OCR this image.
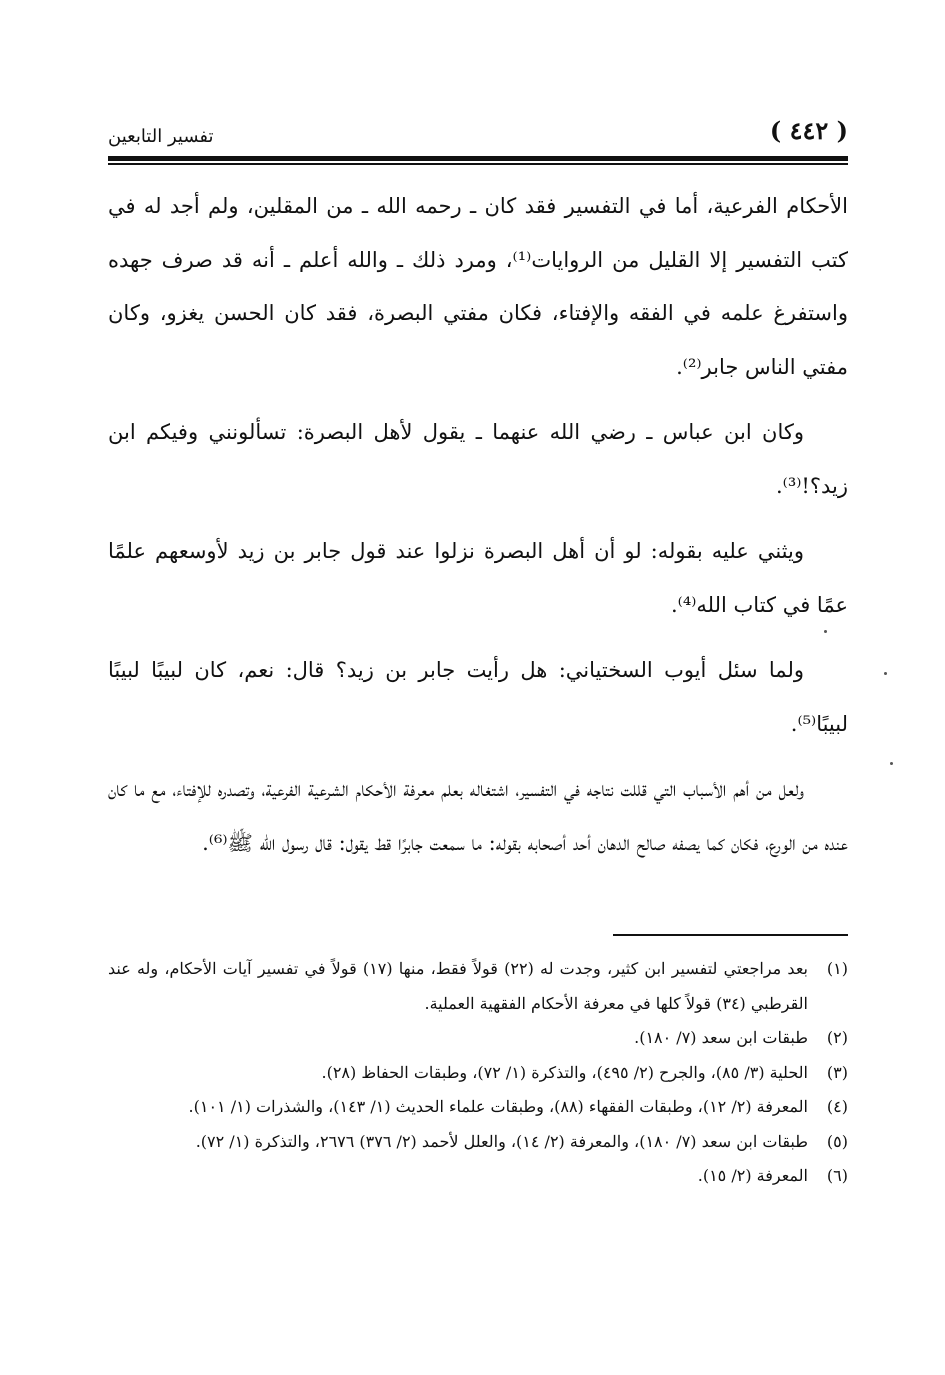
( ٤٤٢ )
تفسير التابعين

الأحكام الفرعية، أما في التفسير فقد كان ـ رحمه الله ـ من المقلين، ولم أجد له في كتب التفسير إلا القليل من الروايات⁽¹⁾، ومرد ذلك ـ والله أعلم ـ أنه قد صرف جهده واستفرغ علمه في الفقه والإفتاء، فكان مفتي البصرة، فقد كان الحسن يغزو، وكان مفتي الناس جابر⁽²⁾.

وكان ابن عباس ـ رضي الله عنهما ـ يقول لأهل البصرة: تسألونني وفيكم ابن زيد؟!⁽³⁾.

ويثني عليه بقوله: لو أن أهل البصرة نزلوا عند قول جابر بن زيد لأوسعهم علمًا عمًا في كتاب الله⁽⁴⁾.

ولما سئل أيوب السختياني: هل رأيت جابر بن زيد؟ قال: نعم، كان لبيبًا لبيبًا لبيبًا⁽⁵⁾.

ولعل من أهم الأسباب التي قللت نتاجه في التفسير، اشتغاله بعلم معرفة الأحكام الشرعية الفرعية، وتصدره للإفتاء، مع ما كان عنده من الورع، فكان كما يصفه صالح الدهان أحد أصحابه بقوله: ما سمعت جابرًا قط يقول: قال رسول الله ﷺ⁽⁶⁾.

(١)
بعد مراجعتي لتفسير ابن كثير، وجدت له (٢٢) قولاً فقط، منها (١٧) قولاً في تفسير آيات الأحكام، وله عند القرطبي (٣٤) قولاً كلها في معرفة الأحكام الفقهية العملية.
(٢)
طبقات ابن سعد (٧/ ١٨٠).
(٣)
الحلية (٣/ ٨٥)، والجرح (٢/ ٤٩٥)، والتذكرة (١/ ٧٢)، وطبقات الحفاظ (٢٨).
(٤)
المعرفة (٢/ ١٢)، وطبقات الفقهاء (٨٨)، وطبقات علماء الحديث (١/ ١٤٣)، والشذرات (١/ ١٠١).
(٥)
طبقات ابن سعد (٧/ ١٨٠)، والمعرفة (٢/ ١٤)، والعلل لأحمد (٢/ ٣٧٦) ٢٦٧٦، والتذكرة (١/ ٧٢).
(٦)
المعرفة (٢/ ١٥).
